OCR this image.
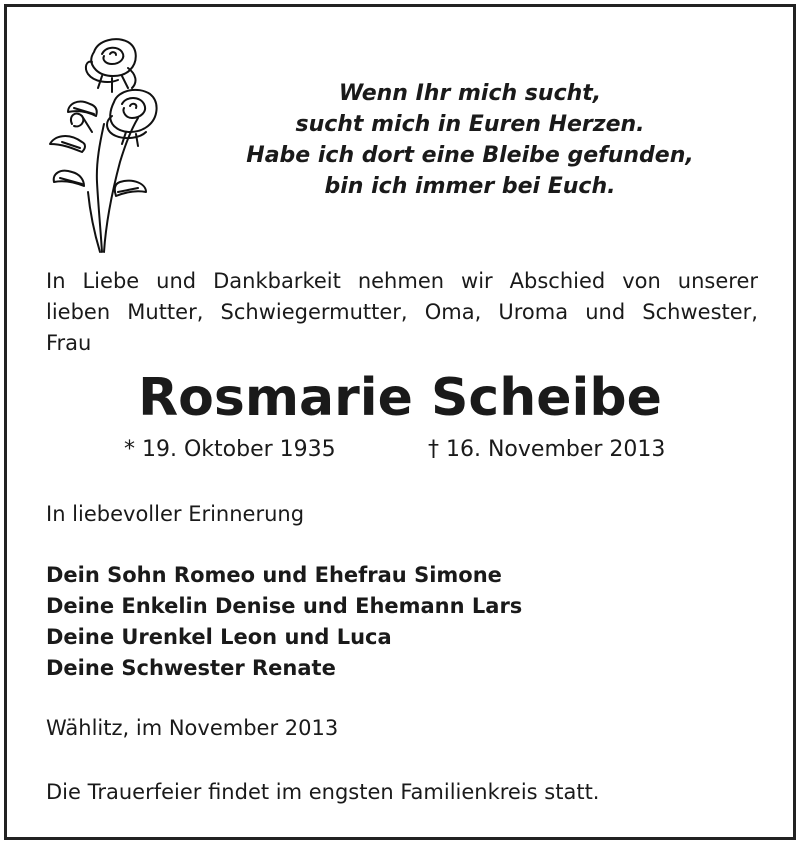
Wenn Ihr mich sucht,
sucht mich in Euren Herzen.
Habe ich dort eine Bleibe gefunden,
bin ich immer bei Euch.
In Liebe und Dankbarkeit nehmen wir Abschied von unserer
lieben Mutter, Schwiegermutter, Oma, Uroma und Schwester,
Frau
Rosmarie Scheibe
* 19. Oktober 1935	† 16. November 2013
In liebevoller Erinnerung
Dein Sohn Romeo und Ehefrau Simone
Deine Enkelin Denise und Ehemann Lars
Deine Urenkel Leon und Luca
Deine Schwester Renate
Wählitz, im November 2013
Die Trauerfeier findet im engsten Familienkreis statt.
